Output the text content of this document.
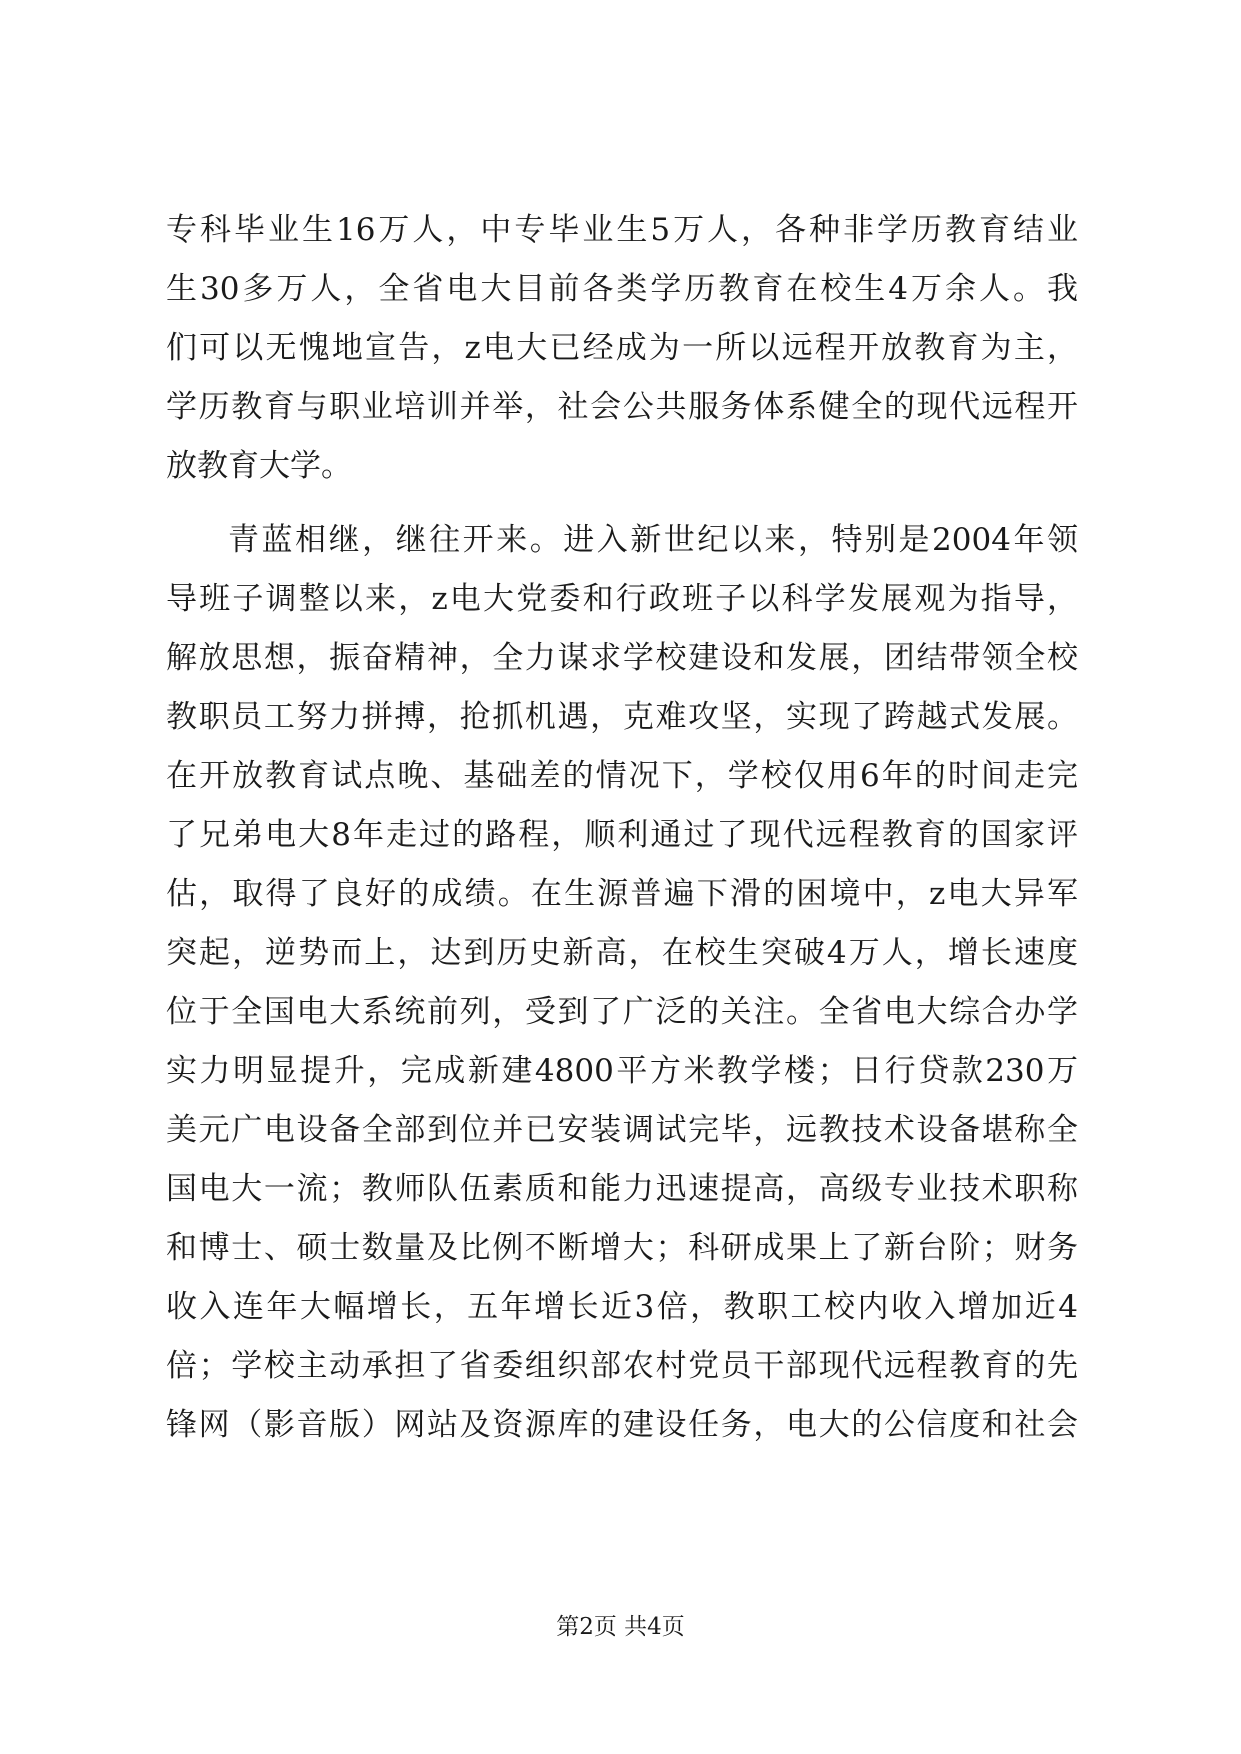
专科毕业生16万人，中专毕业生5万人，各种非学历教育结业
生30多万人，全省电大目前各类学历教育在校生4万余人。我
们可以无愧地宣告，z电大已经成为一所以远程开放教育为主，
学历教育与职业培训并举，社会公共服务体系健全的现代远程开
放教育大学。
青蓝相继，继往开来。进入新世纪以来，特别是2004年领
导班子调整以来，z电大党委和行政班子以科学发展观为指导，
解放思想，振奋精神，全力谋求学校建设和发展，团结带领全校
教职员工努力拼搏，抢抓机遇，克难攻坚，实现了跨越式发展。
在开放教育试点晚、基础差的情况下，学校仅用6年的时间走完
了兄弟电大8年走过的路程，顺利通过了现代远程教育的国家评
估，取得了良好的成绩。在生源普遍下滑的困境中，z电大异军
突起，逆势而上，达到历史新高，在校生突破4万人，增长速度
位于全国电大系统前列，受到了广泛的关注。全省电大综合办学
实力明显提升，完成新建4800平方米教学楼；日行贷款230万
美元广电设备全部到位并已安装调试完毕，远教技术设备堪称全
国电大一流；教师队伍素质和能力迅速提高，高级专业技术职称
和博士、硕士数量及比例不断增大；科研成果上了新台阶；财务
收入连年大幅增长，五年增长近3倍，教职工校内收入增加近4
倍；学校主动承担了省委组织部农村党员干部现代远程教育的先
锋网（影音版）网站及资源库的建设任务，电大的公信度和社会
第2页 共4页
